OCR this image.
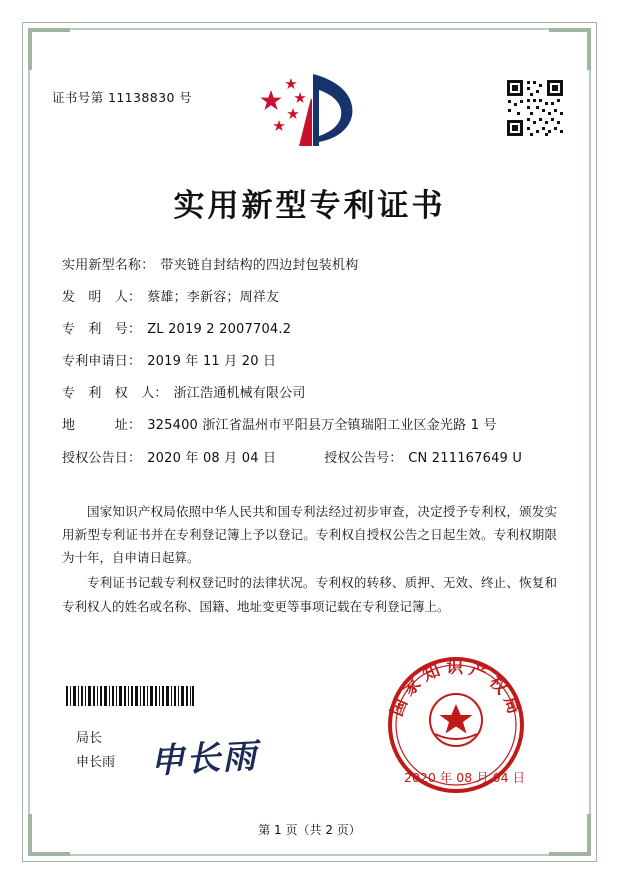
证书号第 11138830 号
实用新型专利证书
实用新型名称： 带夹链自封结构的四边封包装机构
发　明　人： 蔡雄；李新容；周祥友
专　利　号： ZL 2019 2 2007704.2
专利申请日： 2019 年 11 月 20 日
专　利　权　人： 浙江浩通机械有限公司
地　　　址： 325400 浙江省温州市平阳县万全镇瑞阳工业区金光路 1 号
授权公告日： 2020 年 08 月 04 日	授权公告号： CN 211167649 U

国家知识产权局依照中华人民共和国专利法经过初步审查，决定授予专利权，颁发实用新型专利证书并在专利登记簿上予以登记。专利权自授权公告之日起生效。专利权期限为十年，自申请日起算。

专利证书记载专利权登记时的法律状况。专利权的转移、质押、无效、终止、恢复和专利权人的姓名或名称、国籍、地址变更等事项记载在专利登记簿上。

局长
申长雨 申长雨
国家知识产权局
2020 年 08 月 04 日
第 1 页（共 2 页）
